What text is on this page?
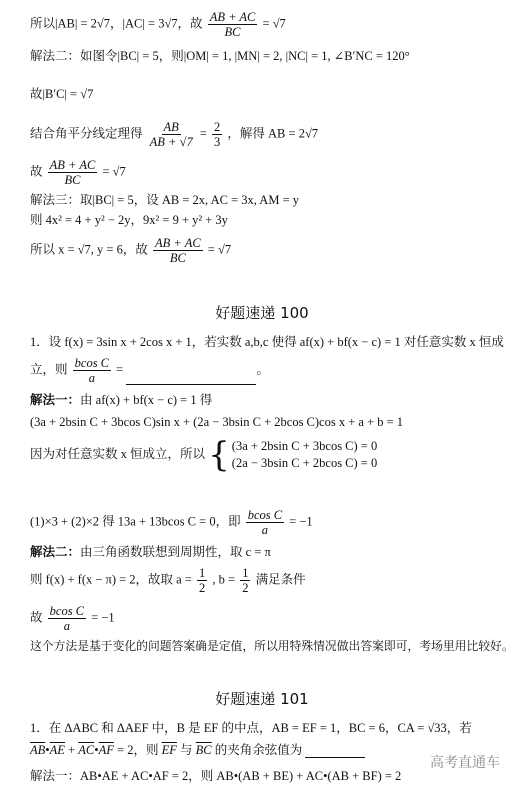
所以|AB| = 2√7，|AC| = 3√7，故 $\frac{AB + AC}{BC} = √7$
解法二：如图令|BC| = 5，则|OM| = 1, |MN| = 2, |NC| = 1, ∠B′NC = 120°
故|B′C| = √7
结合角平分线定理得 $\frac{AB}{AB + √7} = \frac{2}{3}$ ，解得 AB = 2√7
故 $\frac{AB + AC}{BC} = √7$
解法三：取|BC| = 5，设 AB = 2x, AC = 3x, AM = y
则 4x² = 4 + y² − 2y，9x² = 9 + y² + 3y
所以 x = √7, y = 6，故 $\frac{AB + AC}{BC} = √7$
好题速递 100
1．设 f(x) = 3sin x + 2cos x + 1，若实数 a,b,c 使得 af(x) + bf(x − c) = 1 对任意实数 x 恒成
立，则 $\frac{\text{bcos C}}{a}$ =	。
解法一：由 af(x) + bf(x − c) = 1 得
(3a + 2bsin C + 3bcos C)sin x + (2a − 3bsin C + 2bcos C)cos x + a + b = 1
因为对任意实数 x 恒成立，所以 { (3a + 2bsin C + 3bcos C) = 0
(2a − 3bsin C + 2bcos C) = 0
(1)×3 + (2)×2 得 13a + 13bcos C = 0，即 $\frac{\text{bcos C}}{a} = -1$
解法二：由三角函数联想到周期性，取 c = π
则 f(x) + f(x − π) = 2，故取 $a = \frac{1}{2}$ , $b = \frac{1}{2}$ 满足条件
故 $\frac{\text{bcos C}}{a} = -1$
这个方法是基于变化的问题答案确是定值，所以用特殊情况做出答案即可，考场里用比较好。
好题速递 101
1．在 ΔABC 和 ΔAEF 中，B 是 EF 的中点，AB = EF = 1，BC = 6，CA = √33，若
$\overline{AB}•\overline{AE}$ + $\overline{AC}•\overline{AF} = 2$，则 $\overline{EF}$ 与 $\overline{BC}$ 的夹角余弦值为
解法一：AB•AE + AC•AF = 2，则 AB•(AB + BE) + AC•(AB + BF) = 2
高考直通车
